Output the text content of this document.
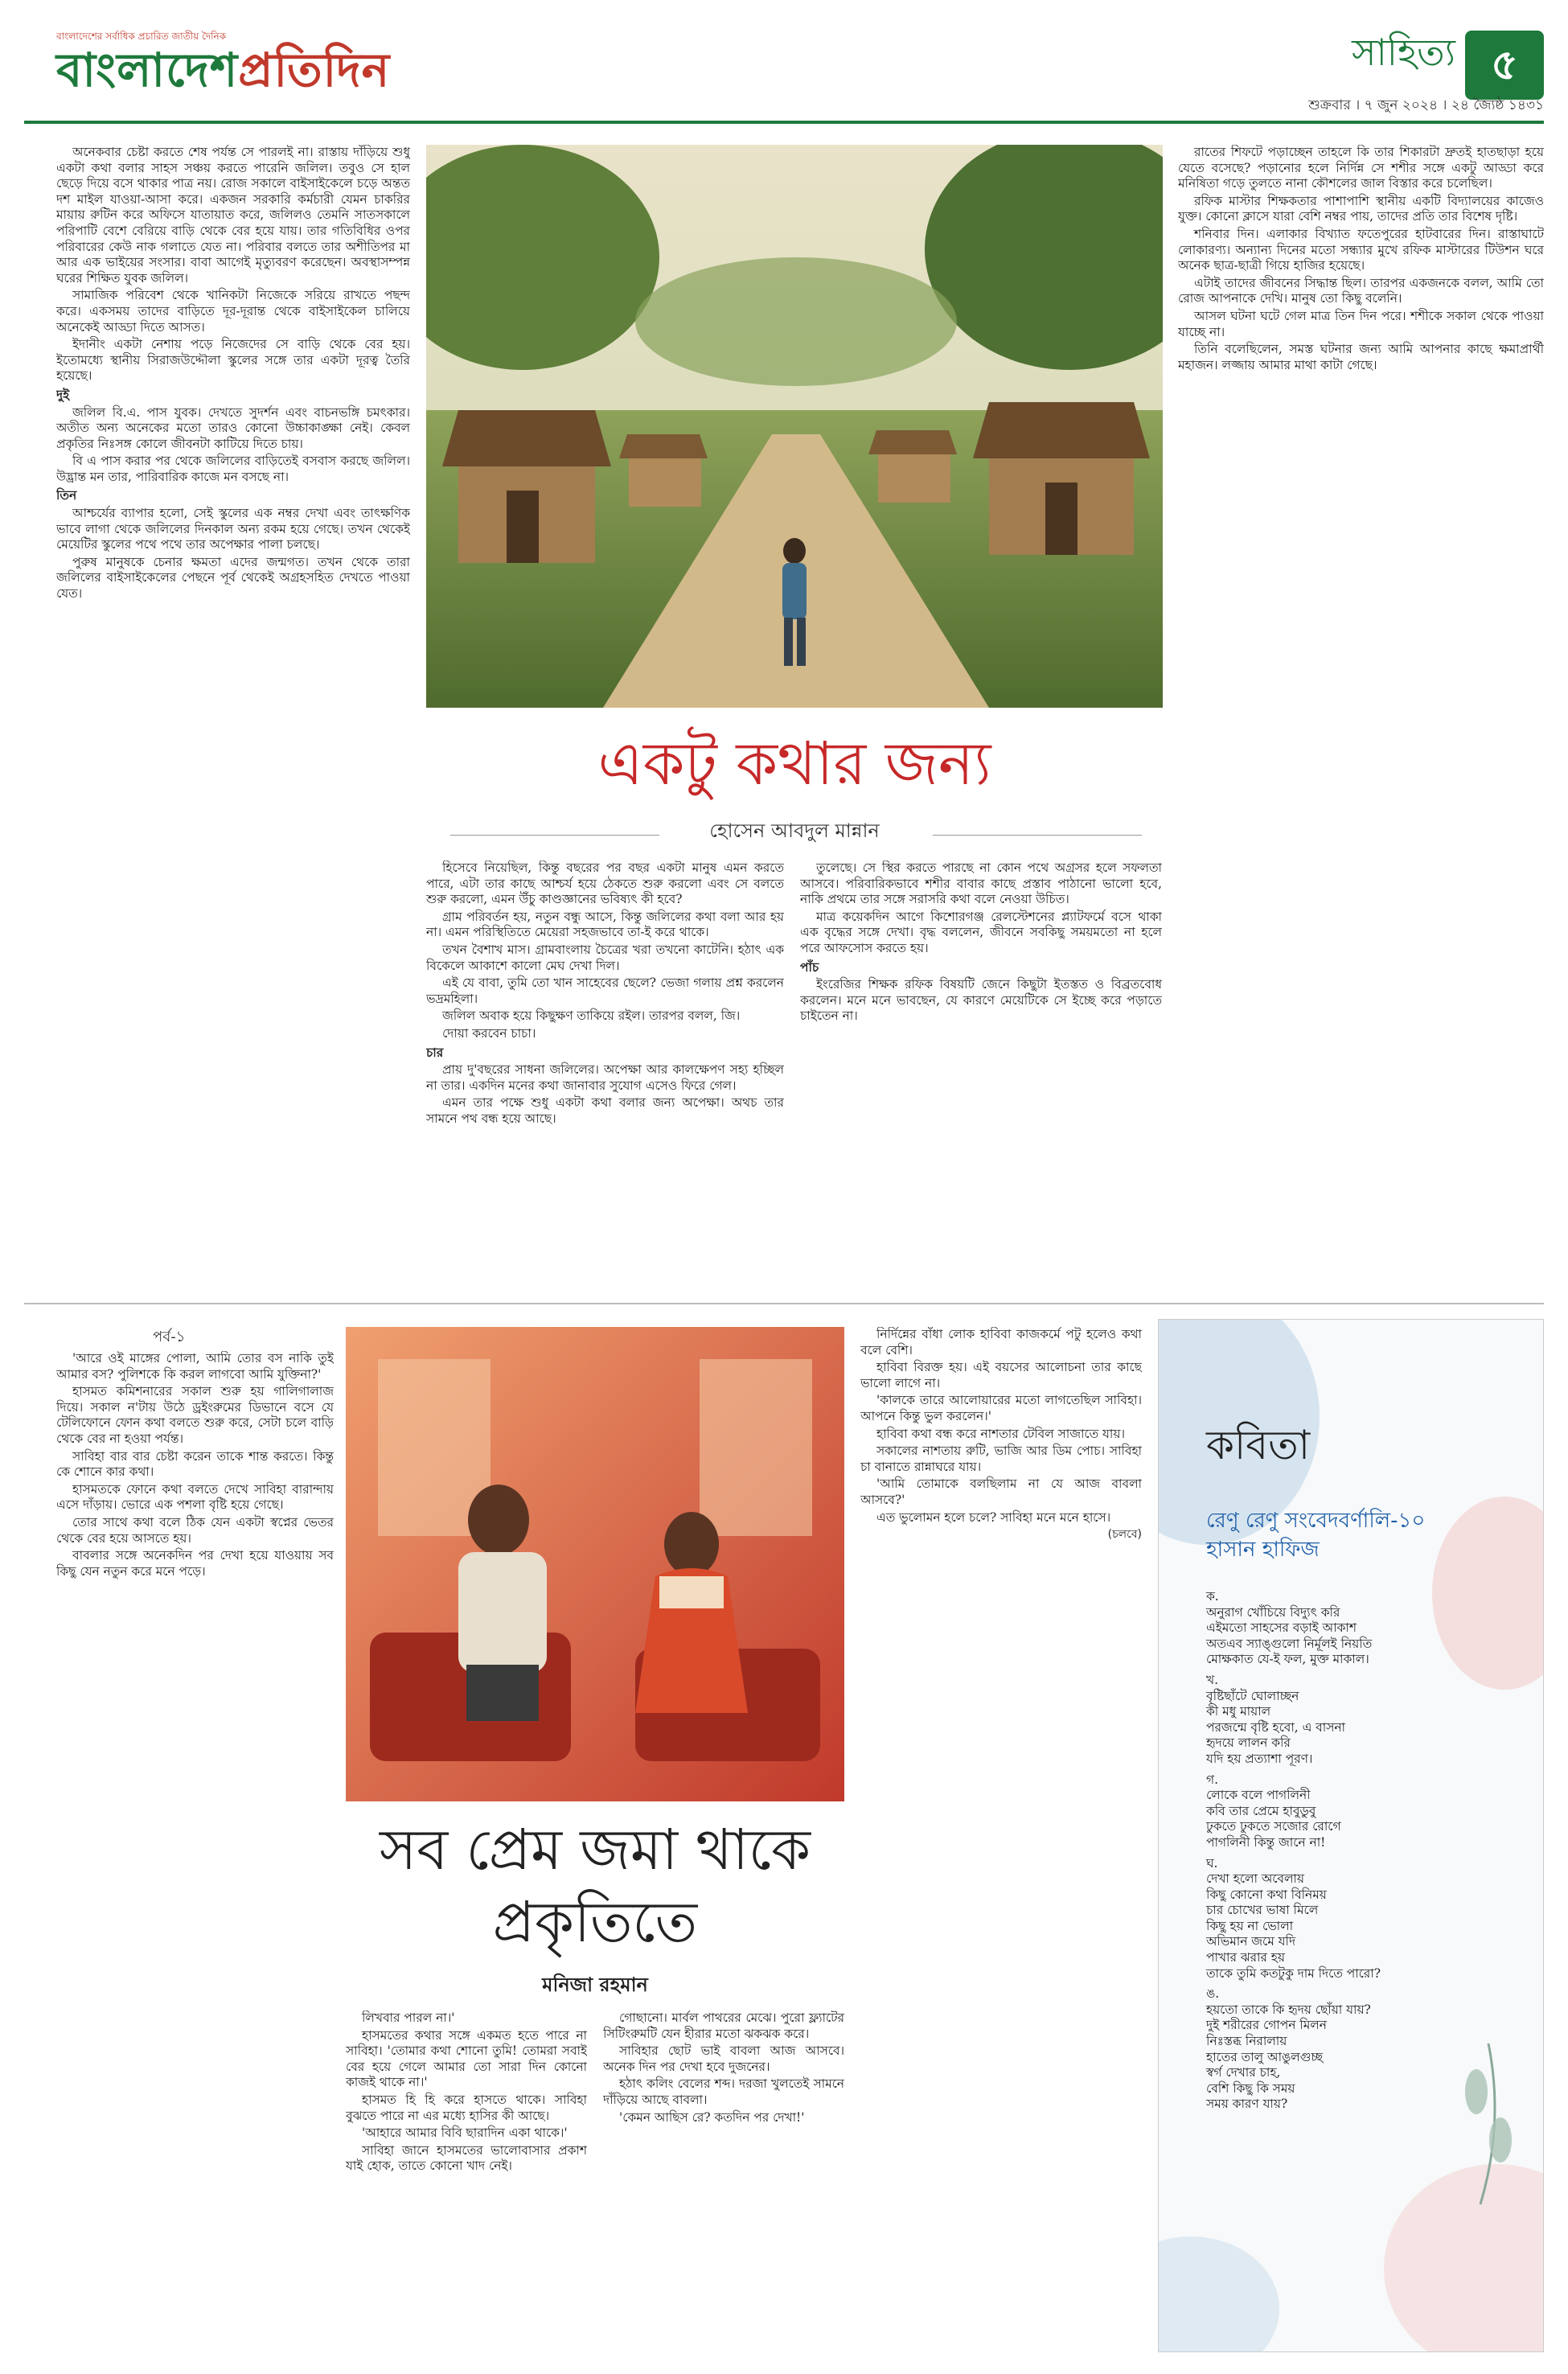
বাংলাদেশের সর্বাধিক প্রচারিত জাতীয় দৈনিক
বাংলাদেশপ্রতিদিন	সাহিত্য ৫
শুক্রবার । ৭ জুন ২০২৪ । ২৪ জ্যৈষ্ঠ ১৪৩১

অনেকবার চেষ্টা করতে শেষ পর্যন্ত সে পারলই না। রাস্তায় দাঁড়িয়ে শুধু একটা কথা বলার সাহস সঞ্চয় করতে পারেনি জলিল। তবুও সে হাল ছেড়ে দিয়ে বসে থাকার পাত্র নয়। রোজ সকালে বাইসাইকেলে চড়ে অন্তত দশ মাইল যাওয়া-আসা করে। একজন সরকারি কর্মচারী যেমন চাকরির মায়ায় রুটিন করে অফিসে যাতায়াত করে, জলিলও তেমনি সাতসকালে পরিপাটি বেশে বেরিয়ে বাড়ি থেকে বের হয়ে যায়। তার গতিবিধির ওপর পরিবারের কেউ নাক গলাতে যেত না। পরিবার বলতে তার অশীতিপর মা আর এক ভাইয়ের সংসার। বাবা আগেই মৃত্যুবরণ করেছেন। অবস্থাসম্পন্ন ঘরের শিক্ষিত যুবক জলিল।

সামাজিক পরিবেশ থেকে খানিকটা নিজেকে সরিয়ে রাখতে পছন্দ করে। একসময় তাদের বাড়িতে দূর-দূরান্ত থেকে বাইসাইকেল চালিয়ে অনেকেই আড্ডা দিতে আসত।

ইদানীং একটা নেশায় পড়ে নিজেদের সে বাড়ি থেকে বের হয়। ইতোমধ্যে স্থানীয় সিরাজউদ্দৌলা স্কুলের সঙ্গে তার একটা দূরত্ব তৈরি হয়েছে।

দুই

জলিল বি.এ. পাস যুবক। দেখতে সুদর্শন এবং বাচনভঙ্গি চমৎকার। অতীত অন্য অনেকের মতো তারও কোনো উচ্চাকাঙ্ক্ষা নেই। কেবল প্রকৃতির নিঃসঙ্গ কোলে জীবনটা কাটিয়ে দিতে চায়।

বি এ পাস করার পর থেকে জলিলের বাড়িতেই বসবাস করছে জলিল। উদ্ভ্রান্ত মন তার, পারিবারিক কাজে মন বসছে না।

তিন

আশ্চর্যের ব্যাপার হলো, সেই স্কুলের এক নম্বর দেখা এবং তাৎক্ষণিক ভাবে লাগা থেকে জলিলের দিনকাল অন্য রকম হয়ে গেছে। তখন থেকেই মেয়েটির স্কুলের পথে পথে তার অপেক্ষার পালা চলছে।

পুরুষ মানুষকে চেনার ক্ষমতা এদের জন্মগত। তখন থেকে তারা জলিলের বাইসাইকেলের পেছনে পূর্ব থেকেই অগ্রহসহিত দেখতে পাওয়া যেত।

একটু কথার জন্য
হোসেন আবদুল মান্নান

হিসেবে নিয়েছিল, কিন্তু বছরের পর বছর একটা মানুষ এমন করতে পারে, এটা তার কাছে আশ্চর্য হয়ে ঠেকতে শুরু করলো এবং সে বলতে শুরু করলো, এমন উঁচু কাণ্ডজ্ঞানের ভবিষ্যৎ কী হবে?

গ্রাম পরিবর্তন হয়, নতুন বন্ধু আসে, কিন্তু জলিলের কথা বলা আর হয় না। এমন পরিস্থিতিতে মেয়েরা সহজভাবে তা-ই করে থাকে।

তখন বৈশাখ মাস। গ্রামবাংলায় চৈত্রের খরা তখনো কাটেনি। হঠাৎ এক বিকেলে আকাশে কালো মেঘ দেখা দিল।

এই যে বাবা, তুমি তো খান সাহেবের ছেলে? ভেজা গলায় প্রশ্ন করলেন ভদ্রমহিলা।

জলিল অবাক হয়ে কিছুক্ষণ তাকিয়ে রইল। তারপর বলল, জি।

দোয়া করবেন চাচা।

চার

প্রায় দু'বছরের সাধনা জলিলের। অপেক্ষা আর কালক্ষেপণ সহ্য হচ্ছিল না তার। একদিন মনের কথা জানাবার সুযোগ এসেও ফিরে গেল।

এমন তার পক্ষে শুধু একটা কথা বলার জন্য অপেক্ষা। অথচ তার সামনে পথ বন্ধ হয়ে আছে।

তুলেছে। সে স্থির করতে পারছে না কোন পথে অগ্রসর হলে সফলতা আসবে। পরিবারিকভাবে শশীর বাবার কাছে প্রস্তাব পাঠানো ভালো হবে, নাকি প্রথমে তার সঙ্গে সরাসরি কথা বলে নেওয়া উচিত।

মাত্র কয়েকদিন আগে কিশোরগঞ্জ রেলস্টেশনের প্ল্যাটফর্মে বসে থাকা এক বৃদ্ধের সঙ্গে দেখা। বৃদ্ধ বললেন, জীবনে সবকিছু সময়মতো না হলে পরে আফসোস করতে হয়।

পাঁচ

ইংরেজির শিক্ষক রফিক বিষয়টি জেনে কিছুটা ইতস্তত ও বিব্রতবোধ করলেন। মনে মনে ভাবছেন, যে কারণে মেয়েটিকে সে ইচ্ছে করে পড়াতে চাইতেন না।

রাতের শিফটে পড়াচ্ছেন তাহলে কি তার শিকারটা দ্রুতই হাতছাড়া হয়ে যেতে বসেছে? পড়ানোর হলে নির্দিন্ন সে শশীর সঙ্গে একটু আড্ডা করে মনিষিতা গড়ে তুলতে নানা কৌশলের জাল বিস্তার করে চলেছিল।

রফিক মাস্টার শিক্ষকতার পাশাপাশি স্থানীয় একটি বিদ্যালয়ের কাজেও যুক্ত। কোনো ক্লাসে যারা বেশি নম্বর পায়, তাদের প্রতি তার বিশেষ দৃষ্টি।

শনিবার দিন। এলাকার বিখ্যাত ফতেপুরের হাটবারের দিন। রাস্তাঘাটে লোকারণ্য। অন্যান্য দিনের মতো সন্ধ্যার মুখে রফিক মাস্টারের টিউশন ঘরে অনেক ছাত্র-ছাত্রী গিয়ে হাজির হয়েছে।

এটাই তাদের জীবনের সিদ্ধান্ত ছিল। তারপর একজনকে বলল, আমি তো রোজ আপনাকে দেখি। মানুষ তো কিছু বলেনি।

আসল ঘটনা ঘটে গেল মাত্র তিন দিন পরে। শশীকে সকাল থেকে পাওয়া যাচ্ছে না।

তিনি বলেছিলেন, সমস্ত ঘটনার জন্য আমি আপনার কাছে ক্ষমাপ্রার্থী মহাজন। লজ্জায় আমার মাথা কাটা গেছে।

পর্ব-১

'আরে ওই মাঙ্গের পোলা, আমি তোর বস নাকি তুই আমার বস? পুলিশকে কি করল লাগবো আমি যুক্তিনা?'

হাসমত কমিশনারের সকাল শুরু হয় গালিগালাজ দিয়ে। সকাল ন'টায় উঠে ড্রইংরুমের ডিভানে বসে যে টেলিফোনে ফোন কথা বলতে শুরু করে, সেটা চলে বাড়ি থেকে বের না হওয়া পর্যন্ত।

সাবিহা বার বার চেষ্টা করেন তাকে শান্ত করতে। কিন্তু কে শোনে কার কথা।

হাসমতকে ফোনে কথা বলতে দেখে সাবিহা বারান্দায় এসে দাঁড়ায়। ভোরে এক পশলা বৃষ্টি হয়ে গেছে।

তোর সাথে কথা বলে ঠিক যেন একটা স্বপ্নের ভেতর থেকে বের হয়ে আসতে হয়।

বাবলার সঙ্গে অনেকদিন পর দেখা হয়ে যাওয়ায় সব কিছু যেন নতুন করে মনে পড়ে।

সব প্রেম জমা থাকে প্রকৃতিতে
মনিজা রহমান

লিখবার পারল না।'

হাসমতের কথার সঙ্গে একমত হতে পারে না সাবিহা। 'তোমার কথা শোনো তুমি! তোমরা সবাই বের হয়ে গেলে আমার তো সারা দিন কোনো কাজই থাকে না।'

হাসমত হি হি করে হাসতে থাকে। সাবিহা বুঝতে পারে না এর মধ্যে হাসির কী আছে।

'আহারে আমার বিবি ছারাদিন একা থাকে।'

সাবিহা জানে হাসমতের ভালোবাসার প্রকাশ যাই হোক, তাতে কোনো খাদ নেই।

গোছানো। মার্বল পাথরের মেঝে। পুরো ফ্ল্যাটের সিটিংরুমটি যেন হীরার মতো ঝকঝক করে।

সাবিহার ছোট ভাই বাবলা আজ আসবে। অনেক দিন পর দেখা হবে দুজনের।

হঠাৎ কলিং বেলের শব্দ। দরজা খুলতেই সামনে দাঁড়িয়ে আছে বাবলা।

'কেমন আছিস রে? কতদিন পর দেখা!'

নির্দিন্নের বাঁধা লোক হাবিবা কাজকর্মে পটু হলেও কথা বলে বেশি।

হাবিবা বিরক্ত হয়। এই বয়সের আলোচনা তার কাছে ভালো লাগে না।

'কালকে তারে আলোয়ারের মতো লাগতেছিল সাবিহা। আপনে কিন্তু ভুল করলেন।'

হাবিবা কথা বন্ধ করে নাশতার টেবিল সাজাতে যায়।

সকালের নাশতায় রুটি, ভাজি আর ডিম পোচ। সাবিহা চা বানাতে রান্নাঘরে যায়।

'আমি তোমাকে বলছিলাম না যে আজ বাবলা আসবে?'

এত ভুলোমন হলে চলে? সাবিহা মনে মনে হাসে।

(চলবে)
কবিতা
রেণু রেণু সংবেদবর্ণালি-১০
হাসান হাফিজ
ক.
অনুরাগ খোঁচিয়ে বিদ্যুৎ করি
এইমতো সাহসের বড়াই আকাশ
অতএব স্যাঙ্গুলো নির্মূলই নিয়তি
মোক্ষকাত যে-ই ফল, মুক্ত মাকাল।
খ.
বৃষ্টিছাঁটে ঘোলাচ্ছন
কী মধু মায়াল
পরজন্মে বৃষ্টি হবো, এ বাসনা
হৃদয়ে লালন করি
যদি হয় প্রত্যাশা পূরণ।
গ.
লোকে বলে পাগলিনী
কবি তার প্রেমে হাবুডুবু
ঢুকতে ঢুকতে সজোর রোগে
পাগলিনী কিন্তু জানে না!
ঘ.
দেখা হলো অবেলায়
কিছু কোনো কথা বিনিময়
চার চোখের ভাষা মিলে
কিছু হয় না ভোলা
অভিমান জমে যদি
পাখার ঝরার হয়
তাকে তুমি কতটুকু দাম দিতে পারো?
ঙ.
হয়তো তাকে কি হৃদয় ছোঁয়া যায়?
দুই শরীরের গোপন মিলন
নিঃস্তব্ধ নিরালায়
হাতের তালু আঙুলগুচ্ছ
স্বর্গ দেখার চাহ,
বেশি কিছু কি সময়
সময় কারণ যায়?
